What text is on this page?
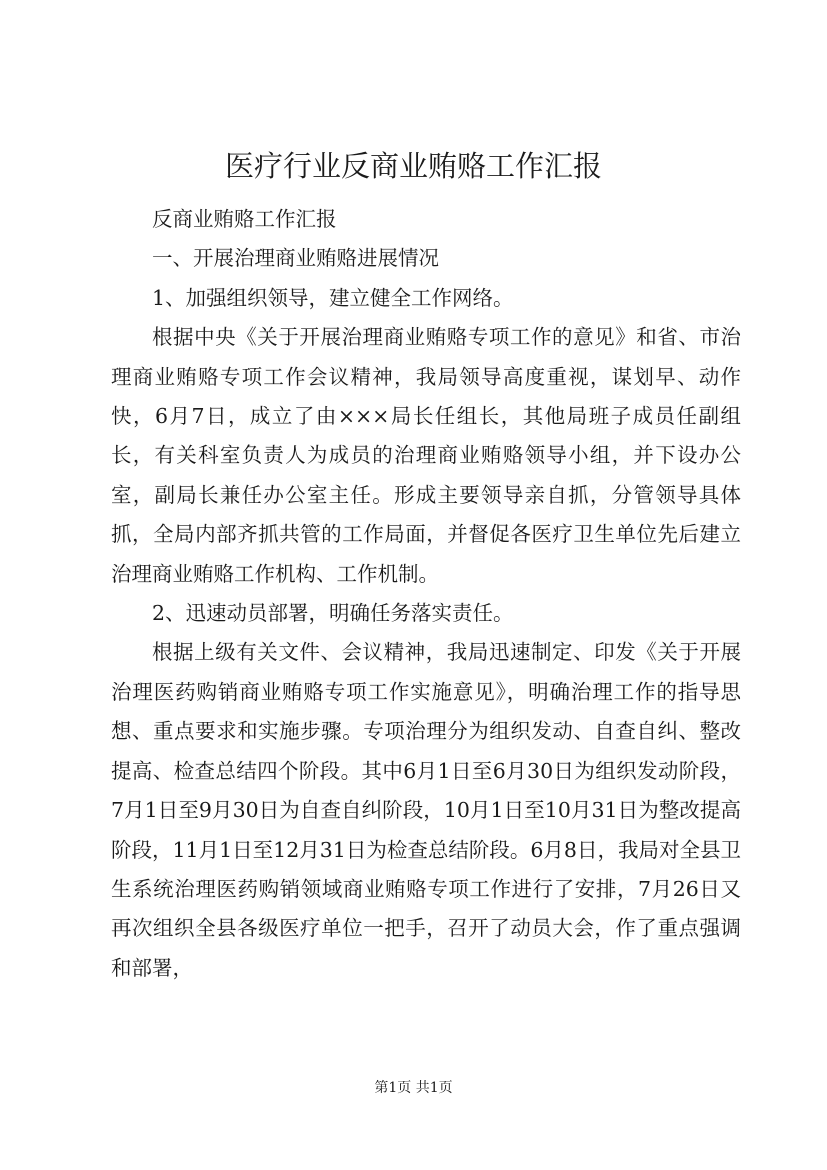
医疗行业反商业贿赂工作汇报

反商业贿赂工作汇报

一、开展治理商业贿赂进展情况

1、加强组织领导，建立健全工作网络。

根据中央《关于开展治理商业贿赂专项工作的意见》和省、市治理商业贿赂专项工作会议精神，我局领导高度重视，谋划早、动作快，6月7日，成立了由×××局长任组长，其他局班子成员任副组长，有关科室负责人为成员的治理商业贿赂领导小组，并下设办公室，副局长兼任办公室主任。形成主要领导亲自抓，分管领导具体抓，全局内部齐抓共管的工作局面，并督促各医疗卫生单位先后建立治理商业贿赂工作机构、工作机制。

2、迅速动员部署，明确任务落实责任。

根据上级有关文件、会议精神，我局迅速制定、印发《关于开展治理医药购销商业贿赂专项工作实施意见》，明确治理工作的指导思想、重点要求和实施步骤。专项治理分为组织发动、自查自纠、整改提高、检查总结四个阶段。其中6月1日至6月30日为组织发动阶段，7月1日至9月30日为自查自纠阶段，10月1日至10月31日为整改提高阶段，11月1日至12月31日为检查总结阶段。6月8日，我局对全县卫生系统治理医药购销领域商业贿赂专项工作进行了安排，7月26日又再次组织全县各级医疗单位一把手，召开了动员大会，作了重点强调和部署，

第1页 共1页
